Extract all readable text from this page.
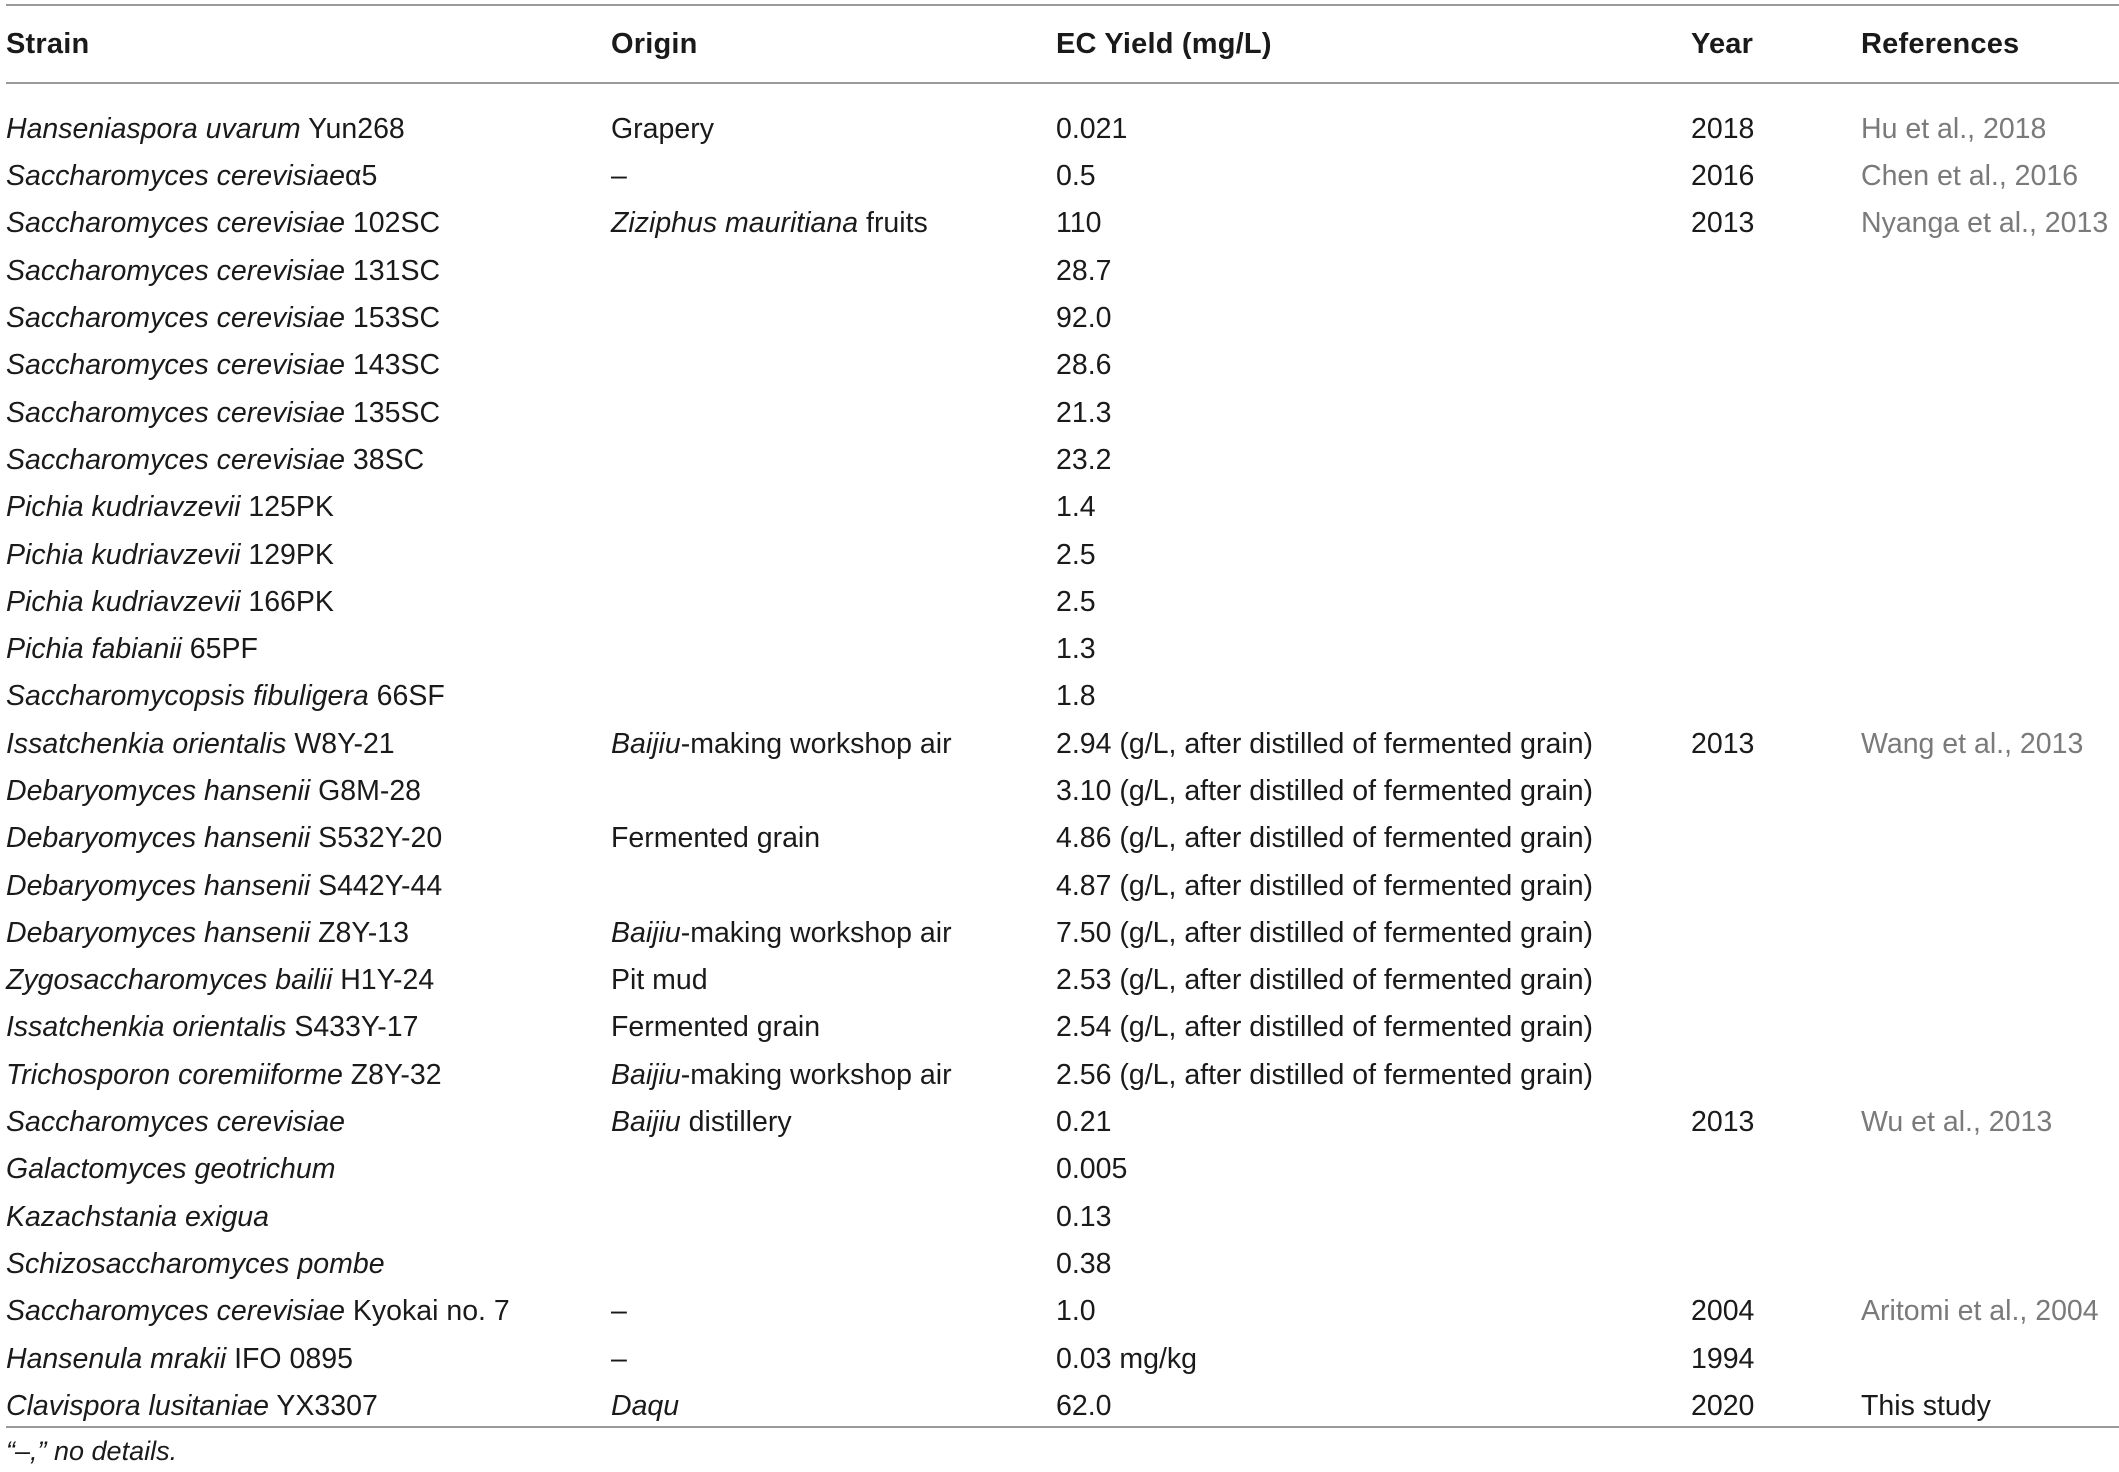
Strain	Origin	EC Yield (mg/L)	Year	References
Hanseniaspora uvarum Yun268	Grapery	0.021	2018	Hu et al., 2018
Saccharomyces cerevisiaeα5	–	0.5	2016	Chen et al., 2016
Saccharomyces cerevisiae 102SC	Ziziphus mauritiana fruits	110	2013	Nyanga et al., 2013
Saccharomyces cerevisiae 131SC		28.7		
Saccharomyces cerevisiae 153SC		92.0		
Saccharomyces cerevisiae 143SC		28.6		
Saccharomyces cerevisiae 135SC		21.3		
Saccharomyces cerevisiae 38SC		23.2		
Pichia kudriavzevii 125PK		1.4		
Pichia kudriavzevii 129PK		2.5		
Pichia kudriavzevii 166PK		2.5		
Pichia fabianii 65PF		1.3		
Saccharomycopsis fibuligera 66SF		1.8		
Issatchenkia orientalis W8Y-21	Baijiu-making workshop air	2.94 (g/L, after distilled of fermented grain)	2013	Wang et al., 2013
Debaryomyces hansenii G8M-28		3.10 (g/L, after distilled of fermented grain)		
Debaryomyces hansenii S532Y-20	Fermented grain	4.86 (g/L, after distilled of fermented grain)		
Debaryomyces hansenii S442Y-44		4.87 (g/L, after distilled of fermented grain)		
Debaryomyces hansenii Z8Y-13	Baijiu-making workshop air	7.50 (g/L, after distilled of fermented grain)		
Zygosaccharomyces bailii H1Y-24	Pit mud	2.53 (g/L, after distilled of fermented grain)		
Issatchenkia orientalis S433Y-17	Fermented grain	2.54 (g/L, after distilled of fermented grain)		
Trichosporon coremiiforme Z8Y-32	Baijiu-making workshop air	2.56 (g/L, after distilled of fermented grain)		
Saccharomyces cerevisiae	Baijiu distillery	0.21	2013	Wu et al., 2013
Galactomyces geotrichum		0.005		
Kazachstania exigua		0.13		
Schizosaccharomyces pombe		0.38		
Saccharomyces cerevisiae Kyokai no. 7	–	1.0	2004	Aritomi et al., 2004
Hansenula mrakii IFO 0895	–	0.03 mg/kg	1994	
Clavispora lusitaniae YX3307	Daqu	62.0	2020	This study
“–,” no details.
